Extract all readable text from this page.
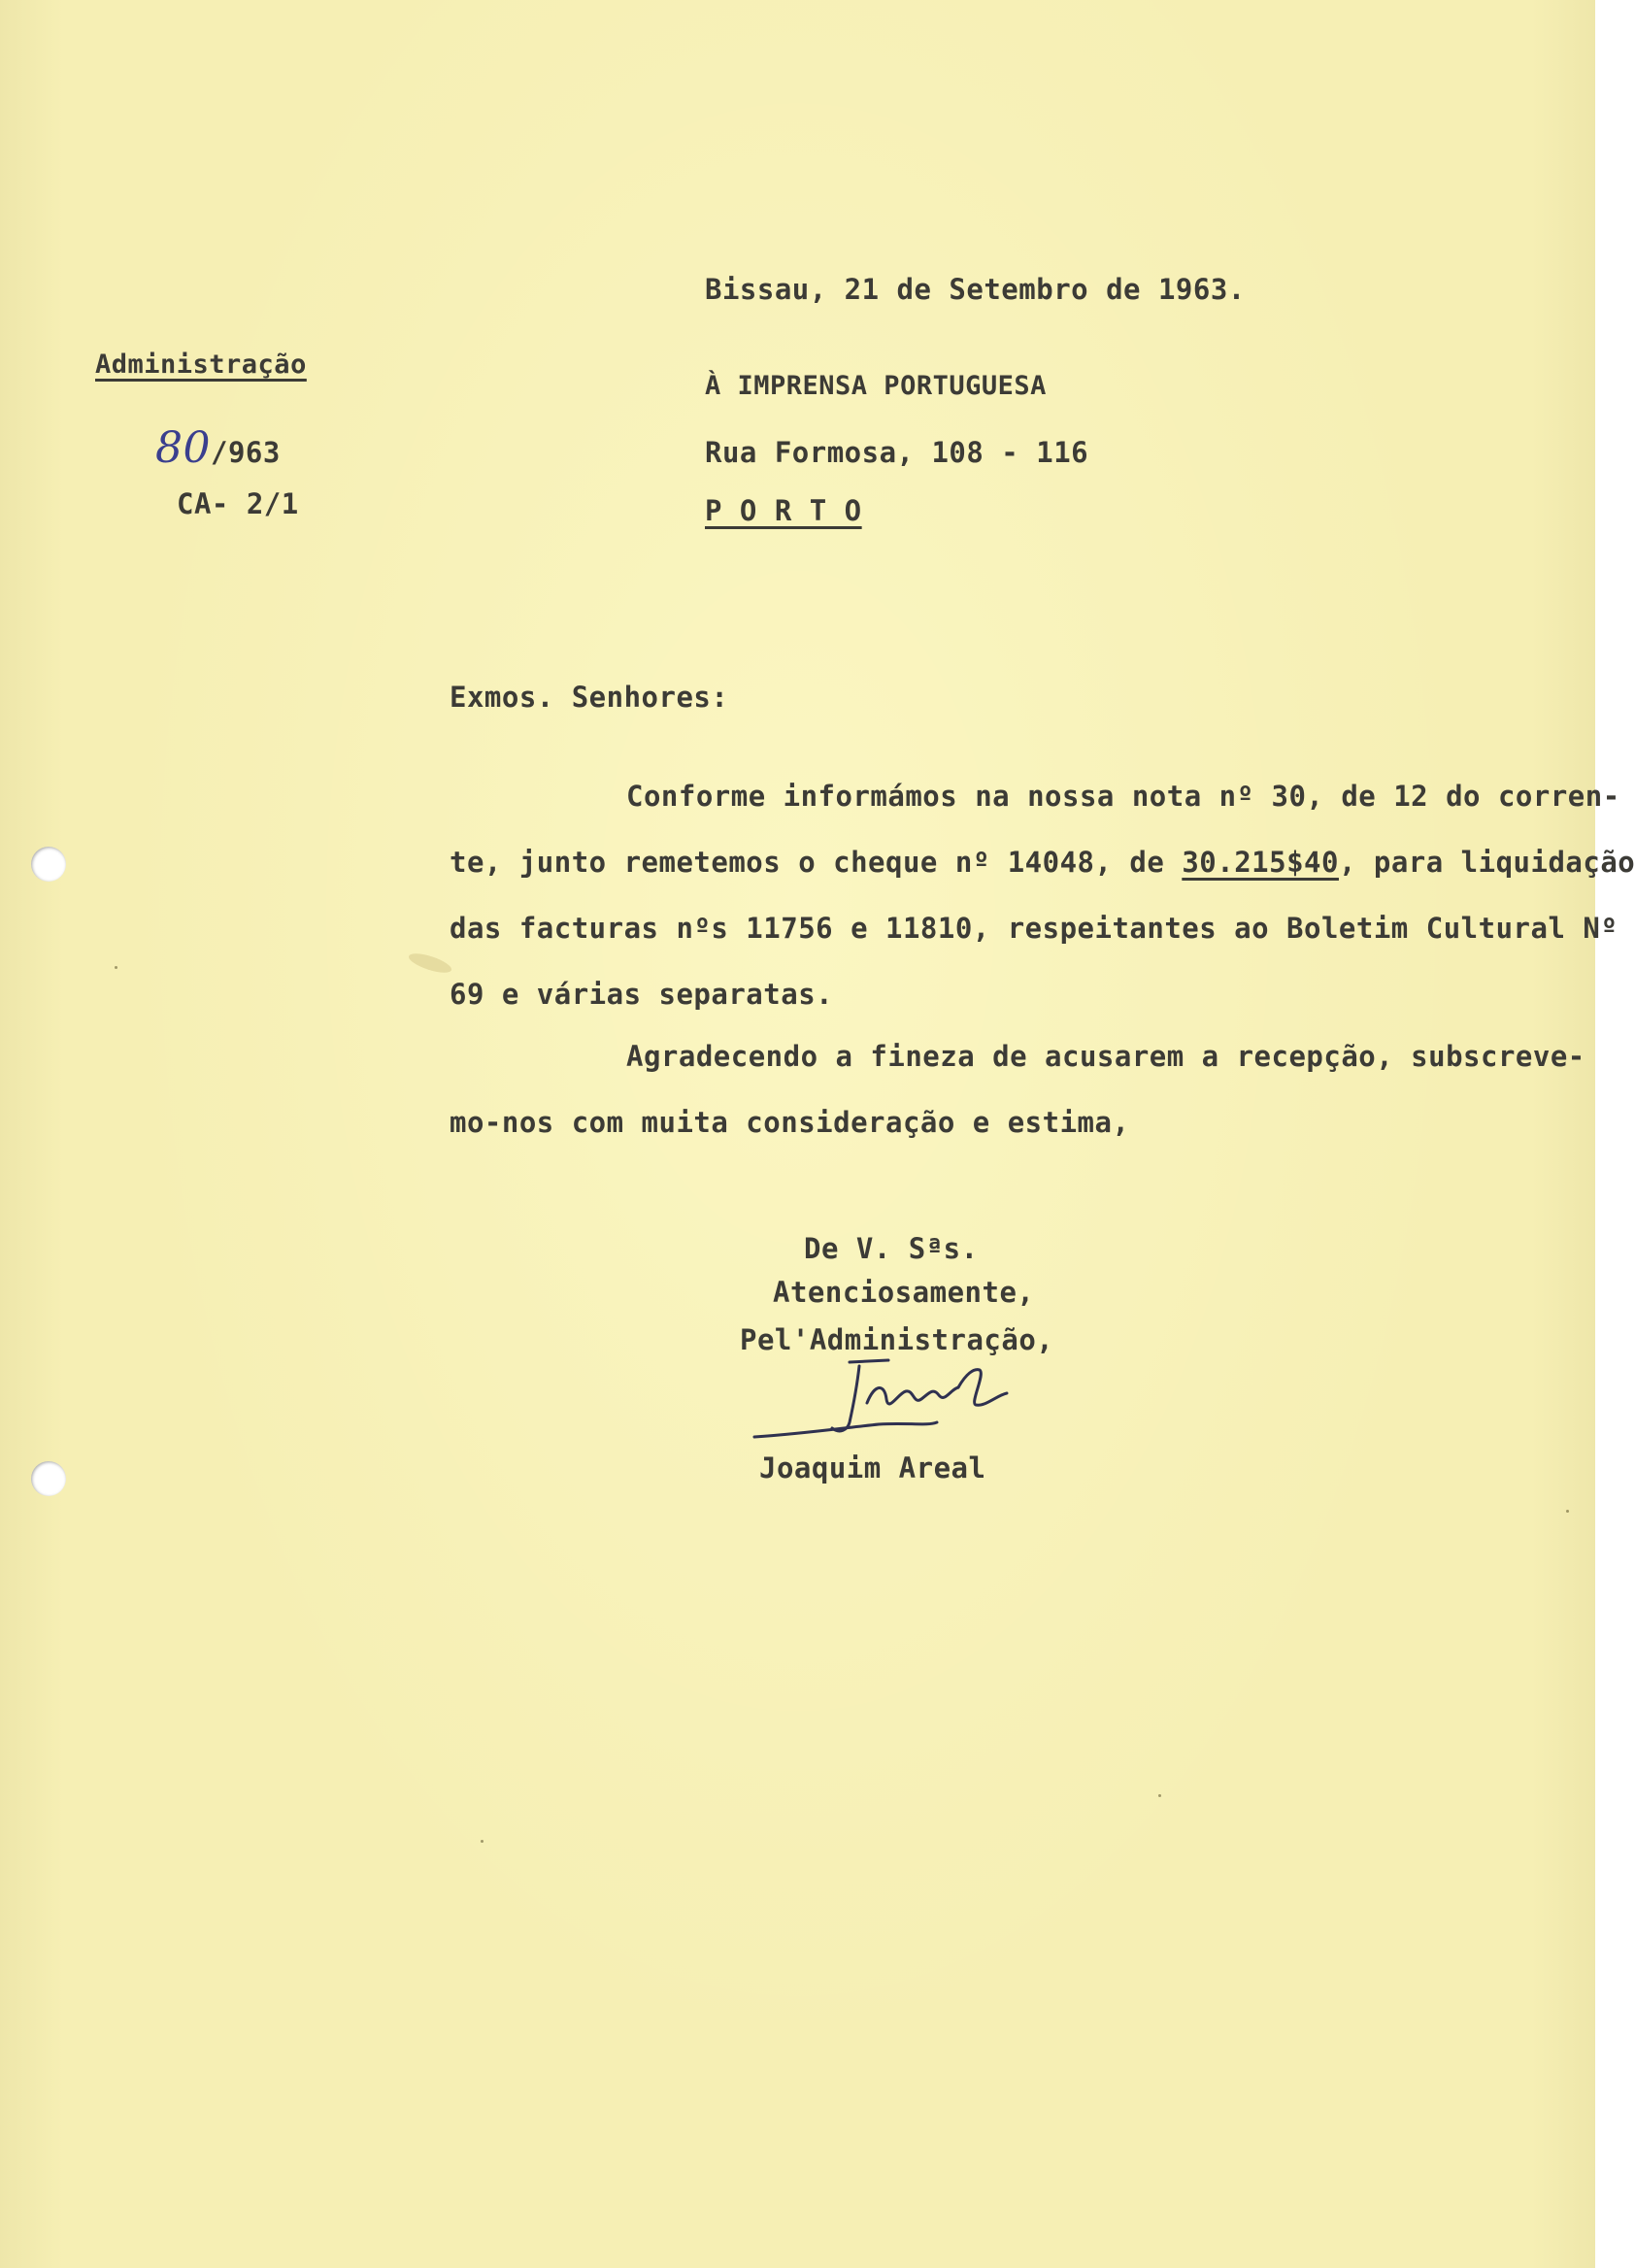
Bissau, 21 de Setembro de 1963.
Administração
80/963
CA- 2/1
À IMPRENSA PORTUGUESA
Rua Formosa, 108 - 116
P O R T O
Exmos. Senhores:
Conforme informámos na nossa nota nº 30, de 12 do corren-
te, junto remetemos o cheque nº 14048, de 30.215$40, para liquidação
das facturas nºs 11756 e 11810, respeitantes ao Boletim Cultural Nº
69 e várias separatas.
Agradecendo a fineza de acusarem a recepção, subscreve-
mo-nos com muita consideração e estima,
De V. Sªs.
Atenciosamente,
Pel'Administração,
Joaquim Areal
